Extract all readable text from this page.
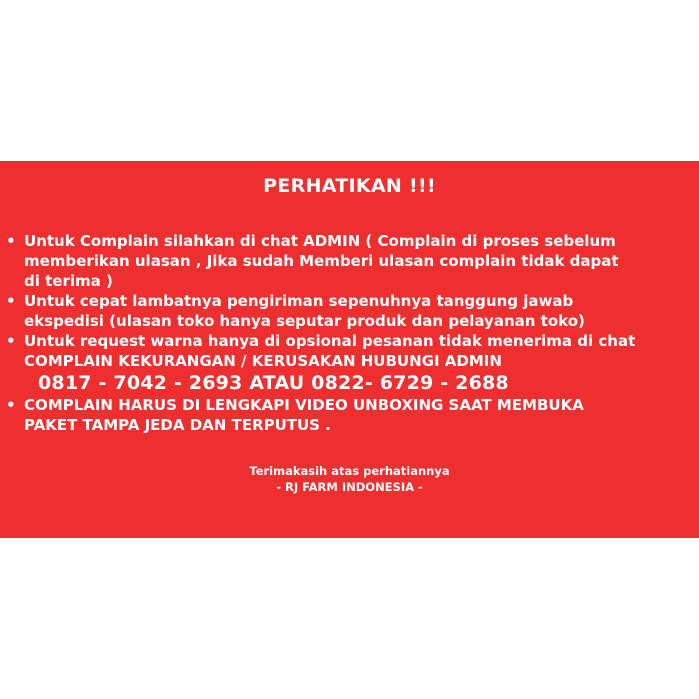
PERHATIKAN !!!
• Untuk Complain silahkan di chat ADMIN ( Complain di proses sebelum
memberikan ulasan , Jika sudah Memberi ulasan complain tidak dapat
di terima )
• Untuk cepat lambatnya pengiriman sepenuhnya tanggung jawab
ekspedisi (ulasan toko hanya seputar produk dan pelayanan toko)
• Untuk request warna hanya di opsional pesanan tidak menerima di chat
COMPLAIN KEKURANGAN / KERUSAKAN HUBUNGI ADMIN
0817 - 7042 - 2693 ATAU 0822- 6729 - 2688
• COMPLAIN HARUS DI LENGKAPI VIDEO UNBOXING SAAT MEMBUKA
PAKET TAMPA JEDA DAN TERPUTUS .
Terimakasih atas perhatiannya
- RJ FARM INDONESIA -
